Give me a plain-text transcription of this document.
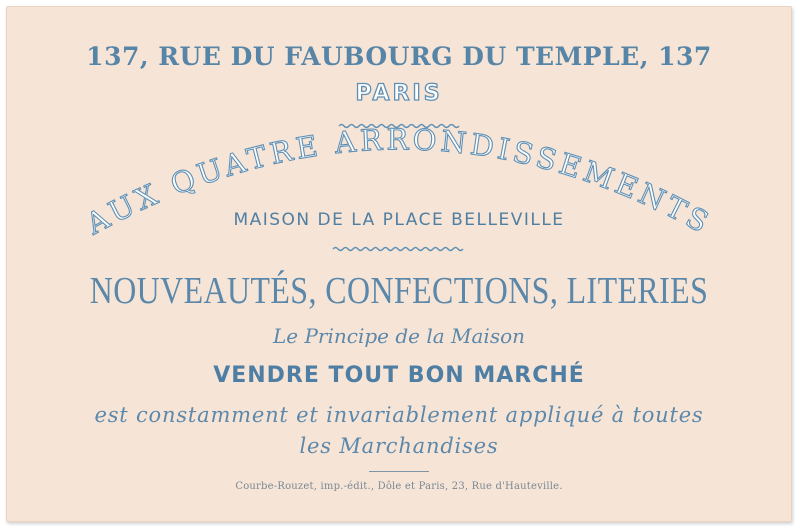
137, RUE DU FAUBOURG DU TEMPLE, 137
PARIS
AUX QUATRE ARRONDISSEMENTS
MAISON DE LA PLACE BELLEVILLE
NOUVEAUTÉS, CONFECTIONS, LITERIES
Le Principe de la Maison
VENDRE TOUT BON MARCHÉ
est constamment et invariablement appliqué à toutes
les Marchandises
Courbe-Rouzet, imp.-édit., Dôle et Paris, 23, Rue d'Hauteville.
